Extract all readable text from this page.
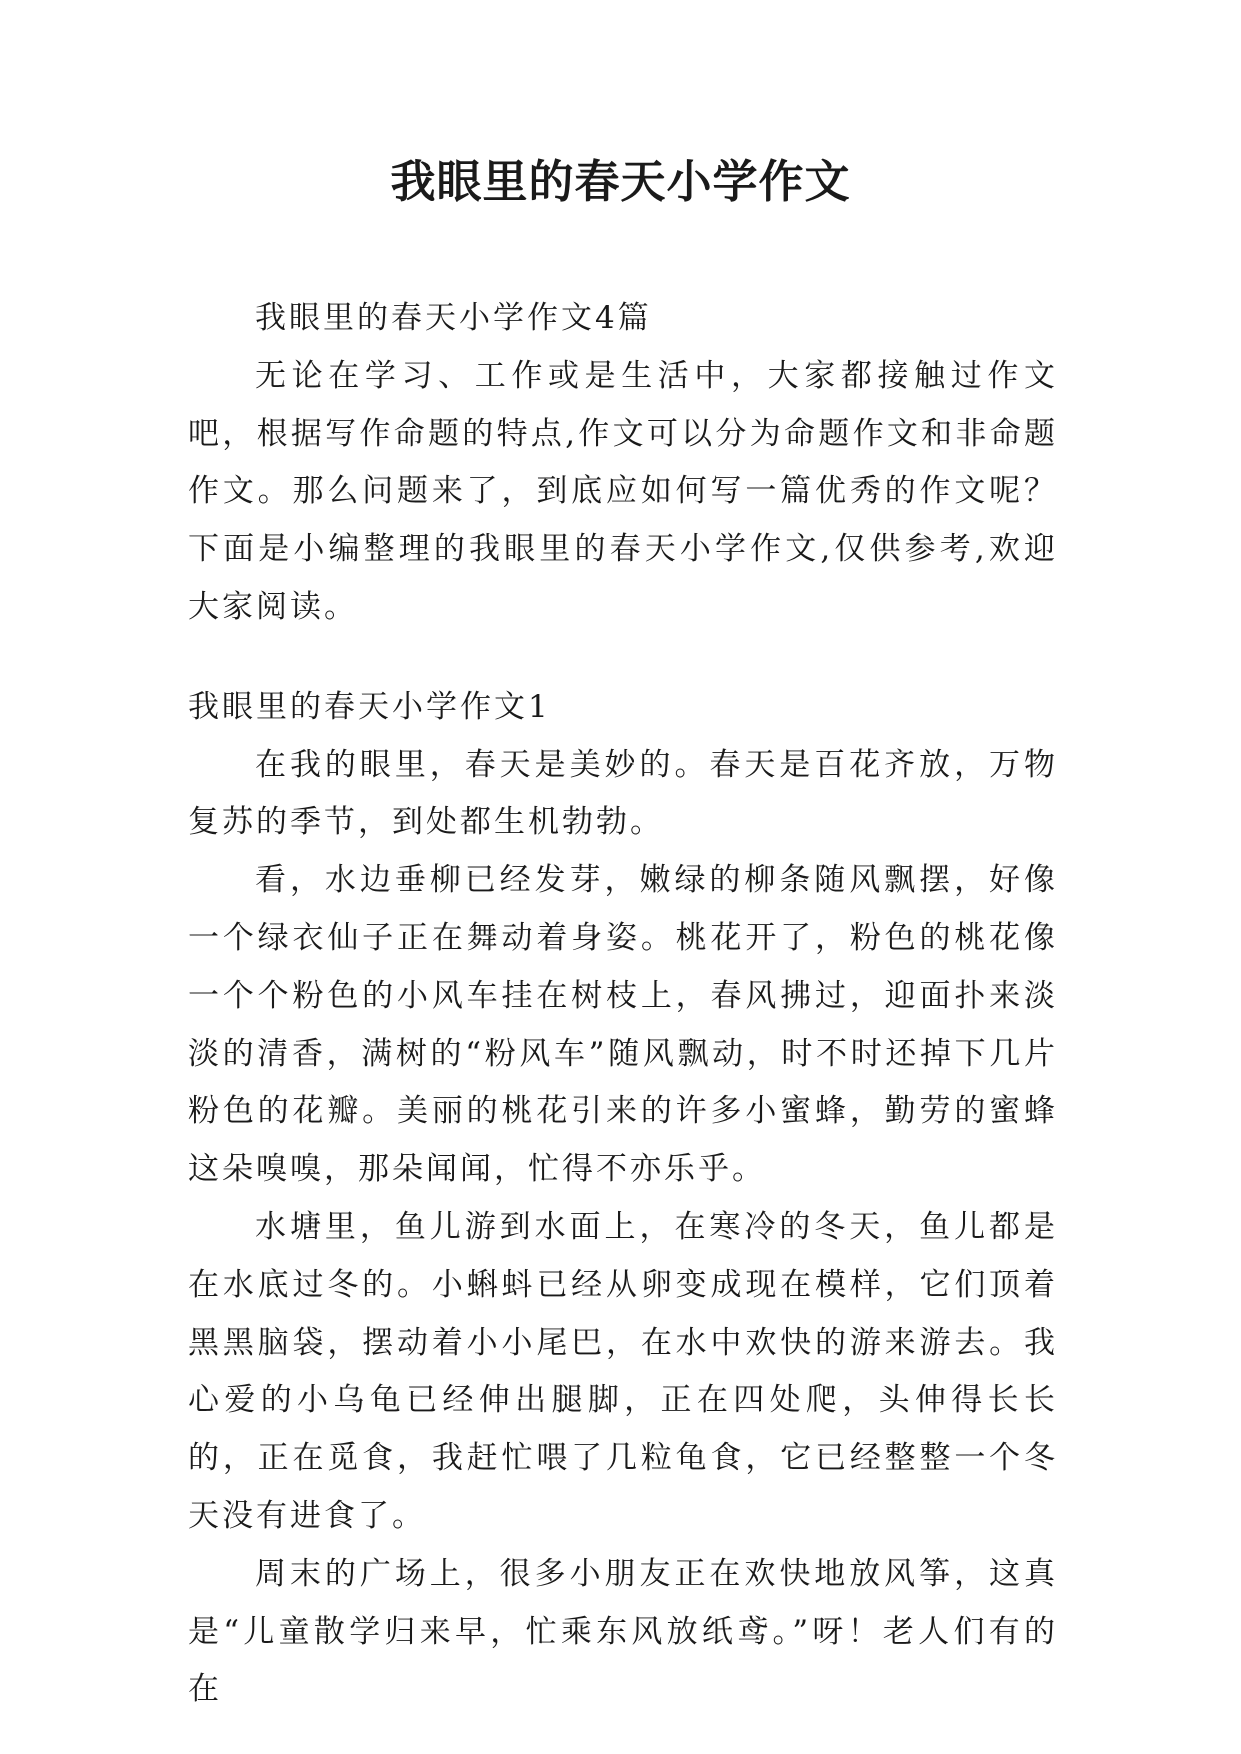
我眼里的春天小学作文

我眼里的春天小学作文4篇

无论在学习、工作或是生活中，大家都接触过作文吧，根据写作命题的特点,作文可以分为命题作文和非命题作文。那么问题来了，到底应如何写一篇优秀的作文呢？下面是小编整理的我眼里的春天小学作文,仅供参考,欢迎大家阅读。

我眼里的春天小学作文1

在我的眼里，春天是美妙的。春天是百花齐放，万物复苏的季节，到处都生机勃勃。

看，水边垂柳已经发芽，嫩绿的柳条随风飘摆，好像一个绿衣仙子正在舞动着身姿。桃花开了，粉色的桃花像一个个粉色的小风车挂在树枝上，春风拂过，迎面扑来淡淡的清香，满树的“粉风车”随风飘动，时不时还掉下几片粉色的花瓣。美丽的桃花引来的许多小蜜蜂，勤劳的蜜蜂这朵嗅嗅，那朵闻闻，忙得不亦乐乎。

水塘里，鱼儿游到水面上，在寒冷的冬天，鱼儿都是在水底过冬的。小蝌蚪已经从卵变成现在模样，它们顶着黑黑脑袋，摆动着小小尾巴，在水中欢快的游来游去。我心爱的小乌龟已经伸出腿脚，正在四处爬，头伸得长长的，正在觅食，我赶忙喂了几粒龟食，它已经整整一个冬天没有进食了。

周末的广场上，很多小朋友正在欢快地放风筝，这真是“儿童散学归来早，忙乘东风放纸鸢。”呀！老人们有的在
